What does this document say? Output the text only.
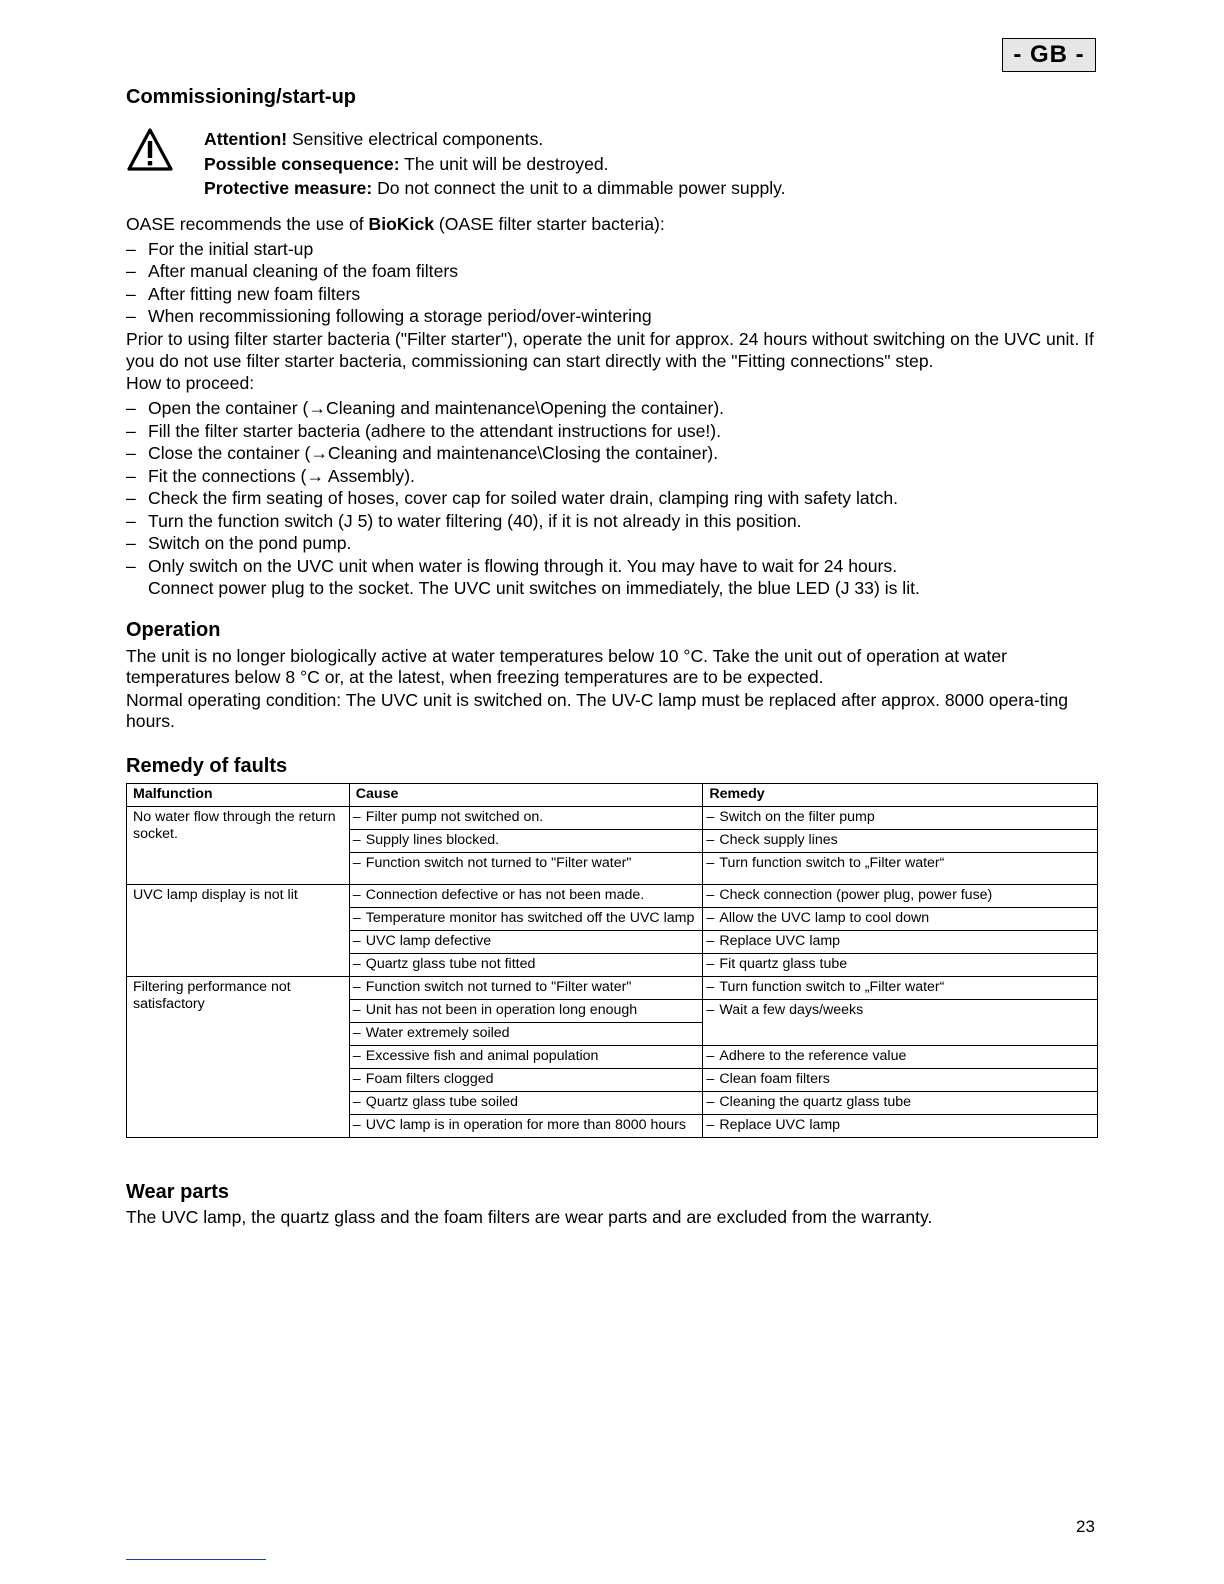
- GB -
Commissioning/start-up

Attention! Sensitive electrical components.

Possible consequence: The unit will be destroyed.

Protective measure: Do not connect the unit to a dimmable power supply.

OASE recommends the use of BioKick (OASE filter starter bacteria):

– For the initial start-up
– After manual cleaning of the foam filters
– After fitting new foam filters
– When recommissioning following a storage period/over-wintering

Prior to using filter starter bacteria ("Filter starter"), operate the unit for approx. 24 hours without switching on the UVC unit. If you do not use filter starter bacteria, commissioning can start directly with the "Fitting connections" step.

How to proceed:

– Open the container (→Cleaning and maintenance\Opening the container).
– Fill the filter starter bacteria (adhere to the attendant instructions for use!).
– Close the container (→Cleaning and maintenance\Closing the container).
– Fit the connections (→ Assembly).
– Check the firm seating of hoses, cover cap for soiled water drain, clamping ring with safety latch.
– Turn the function switch (J 5) to water filtering (40), if it is not already in this position.
– Switch on the pond pump.
– Only switch on the UVC unit when water is flowing through it. You may have to wait for 24 hours.
Connect power plug to the socket. The UVC unit switches on immediately, the blue LED (J 33) is lit.
Operation

The unit is no longer biologically active at water temperatures below 10 °C. Take the unit out of operation at water temperatures below 8 °C or, at the latest, when freezing temperatures are to be expected.

Normal operating condition: The UVC unit is switched on. The UV-C lamp must be replaced after approx. 8000 opera-ting hours.

Remedy of faults
Malfunction	Cause	Remedy
No water flow through the return socket.	– Filter pump not switched on.	– Switch on the filter pump

	– Supply lines blocked.	– Check supply lines

	– Function switch not turned to "Filter water"	– Turn function switch to „Filter water“
UVC lamp display is not lit	– Connection defective or has not been made.	– Check connection (power plug, power fuse)

	– Temperature monitor has switched off the UVC lamp	– Allow the UVC lamp to cool down

	– UVC lamp defective	– Replace UVC lamp

	– Quartz glass tube not fitted	– Fit quartz glass tube
Filtering performance not satisfactory	– Function switch not turned to "Filter water"	– Turn function switch to „Filter water“

	– Unit has not been in operation long enough	– Wait a few days/weeks

	– Water extremely soiled	

	– Excessive fish and animal population	– Adhere to the reference value

	– Foam filters clogged	– Clean foam filters

	– Quartz glass tube soiled	– Cleaning the quartz glass tube

	– UVC lamp is in operation for more than 8000 hours	– Replace UVC lamp
Wear parts

The UVC lamp, the quartz glass and the foam filters are wear parts and are excluded from the warranty.

23
